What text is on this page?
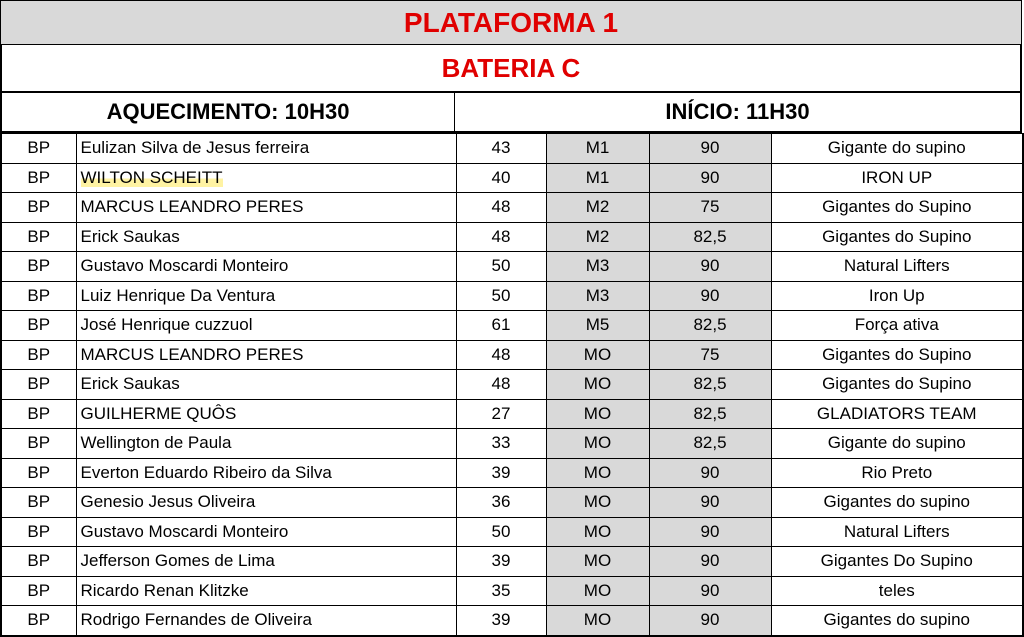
PLATAFORMA 1
BATERIA C
AQUECIMENTO: 10H30	INÍCIO: 11H30
BP	Eulizan Silva de Jesus ferreira	43	M1	90	Gigante do supino
BP	WILTON SCHEITT	40	M1	90	IRON UP
BP	MARCUS LEANDRO PERES	48	M2	75	Gigantes do Supino
BP	Erick Saukas	48	M2	82,5	Gigantes do Supino
BP	Gustavo Moscardi Monteiro	50	M3	90	Natural Lifters
BP	Luiz Henrique Da Ventura	50	M3	90	Iron Up
BP	José Henrique cuzzuol	61	M5	82,5	Força ativa
BP	MARCUS LEANDRO PERES	48	MO	75	Gigantes do Supino
BP	Erick Saukas	48	MO	82,5	Gigantes do Supino
BP	GUILHERME QUÔS	27	MO	82,5	GLADIATORS TEAM
BP	Wellington de Paula	33	MO	82,5	Gigante do supino
BP	Everton Eduardo Ribeiro da Silva	39	MO	90	Rio Preto
BP	Genesio Jesus Oliveira	36	MO	90	Gigantes do supino
BP	Gustavo Moscardi Monteiro	50	MO	90	Natural Lifters
BP	Jefferson Gomes de Lima	39	MO	90	Gigantes Do Supino
BP	Ricardo Renan Klitzke	35	MO	90	teles
BP	Rodrigo Fernandes de Oliveira	39	MO	90	Gigantes do supino
